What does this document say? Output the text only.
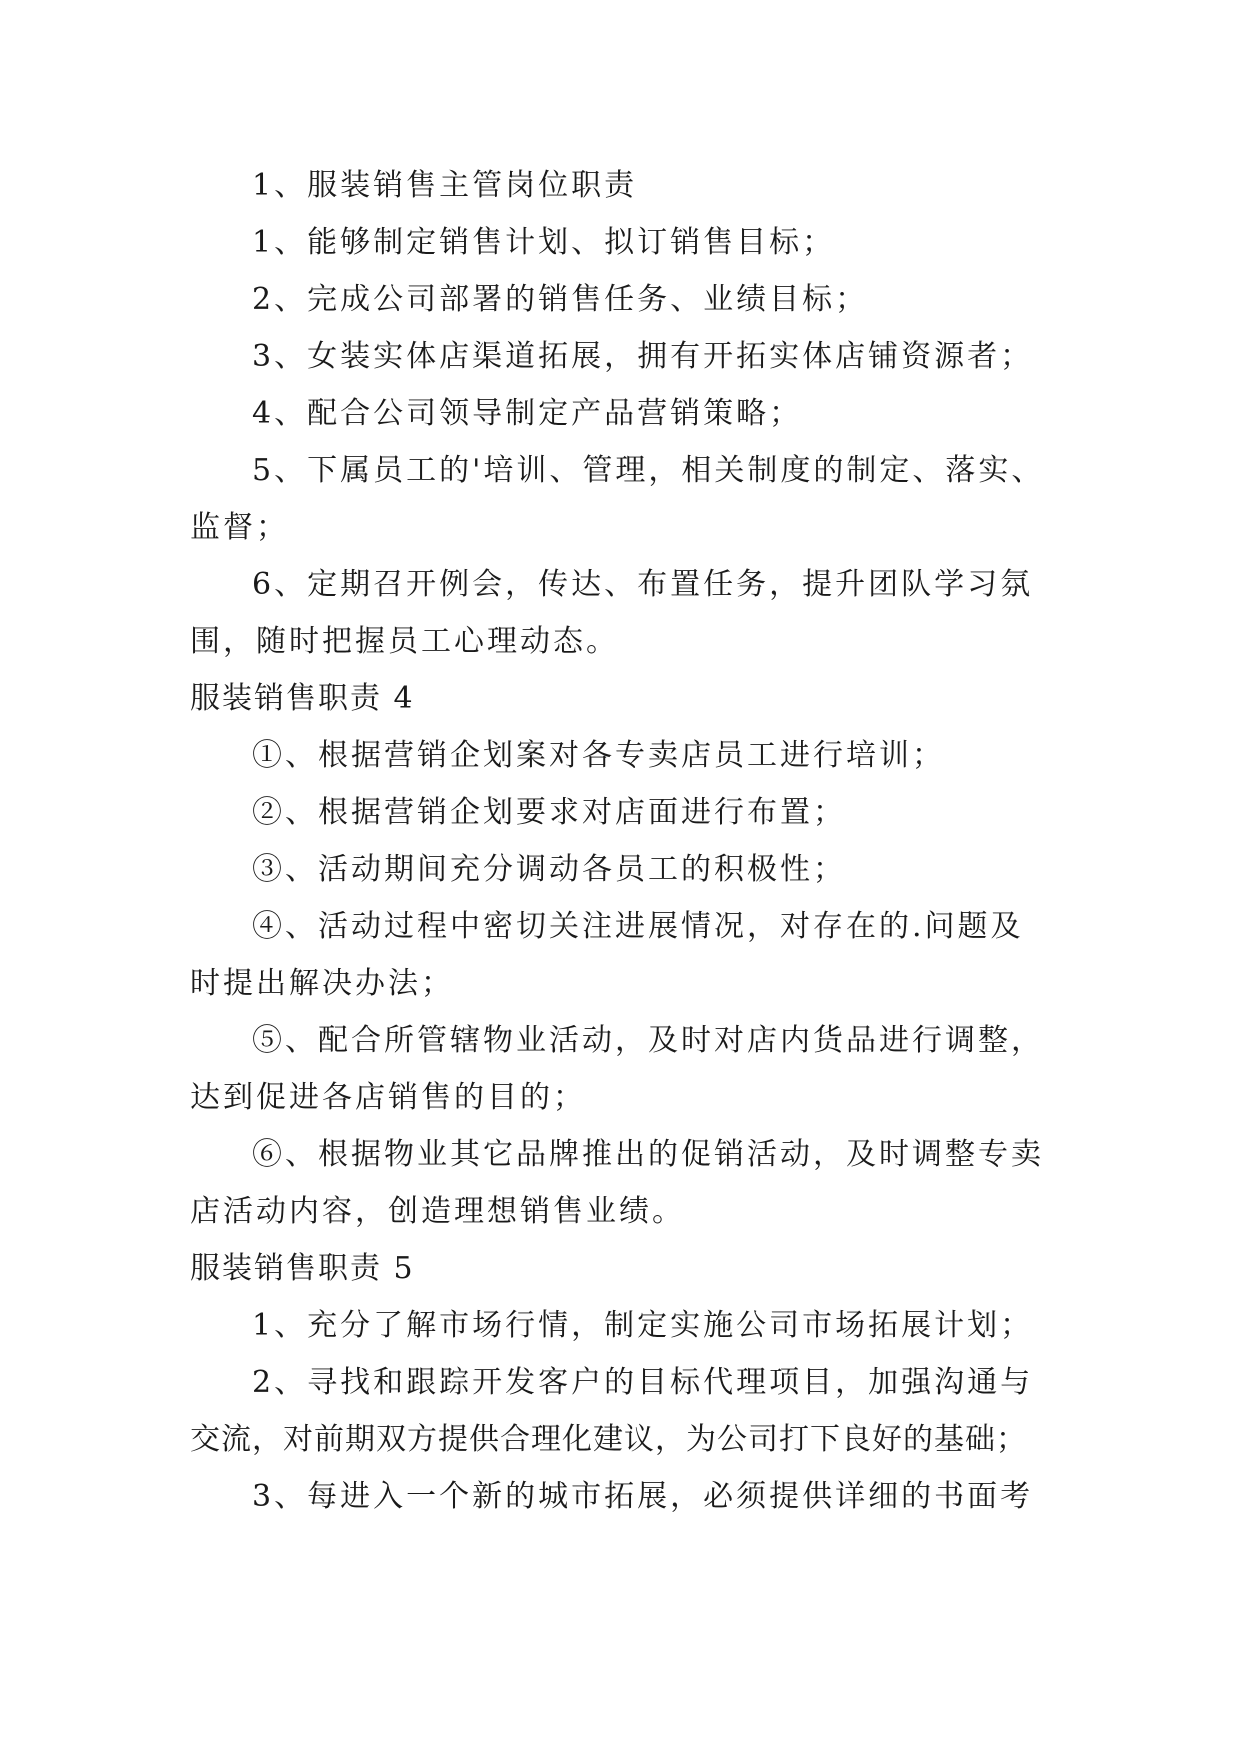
1、服装销售主管岗位职责
1、能够制定销售计划、拟订销售目标；
2、完成公司部署的销售任务、业绩目标；
3、女装实体店渠道拓展，拥有开拓实体店铺资源者；
4、配合公司领导制定产品营销策略；
5、下属员工的'培训、管理，相关制度的制定、落实、
监督；
6、定期召开例会，传达、布置任务，提升团队学习氛
围，随时把握员工心理动态。
服装销售职责 4
①、根据营销企划案对各专卖店员工进行培训；
②、根据营销企划要求对店面进行布置；
③、活动期间充分调动各员工的积极性；
④、活动过程中密切关注进展情况，对存在的.问题及
时提出解决办法；
⑤、配合所管辖物业活动，及时对店内货品进行调整，
达到促进各店销售的目的；
⑥、根据物业其它品牌推出的促销活动，及时调整专卖
店活动内容，创造理想销售业绩。
服装销售职责 5
1、充分了解市场行情，制定实施公司市场拓展计划；
2、寻找和跟踪开发客户的目标代理项目，加强沟通与
交流，对前期双方提供合理化建议，为公司打下良好的基础；
3、每进入一个新的城市拓展，必须提供详细的书面考
